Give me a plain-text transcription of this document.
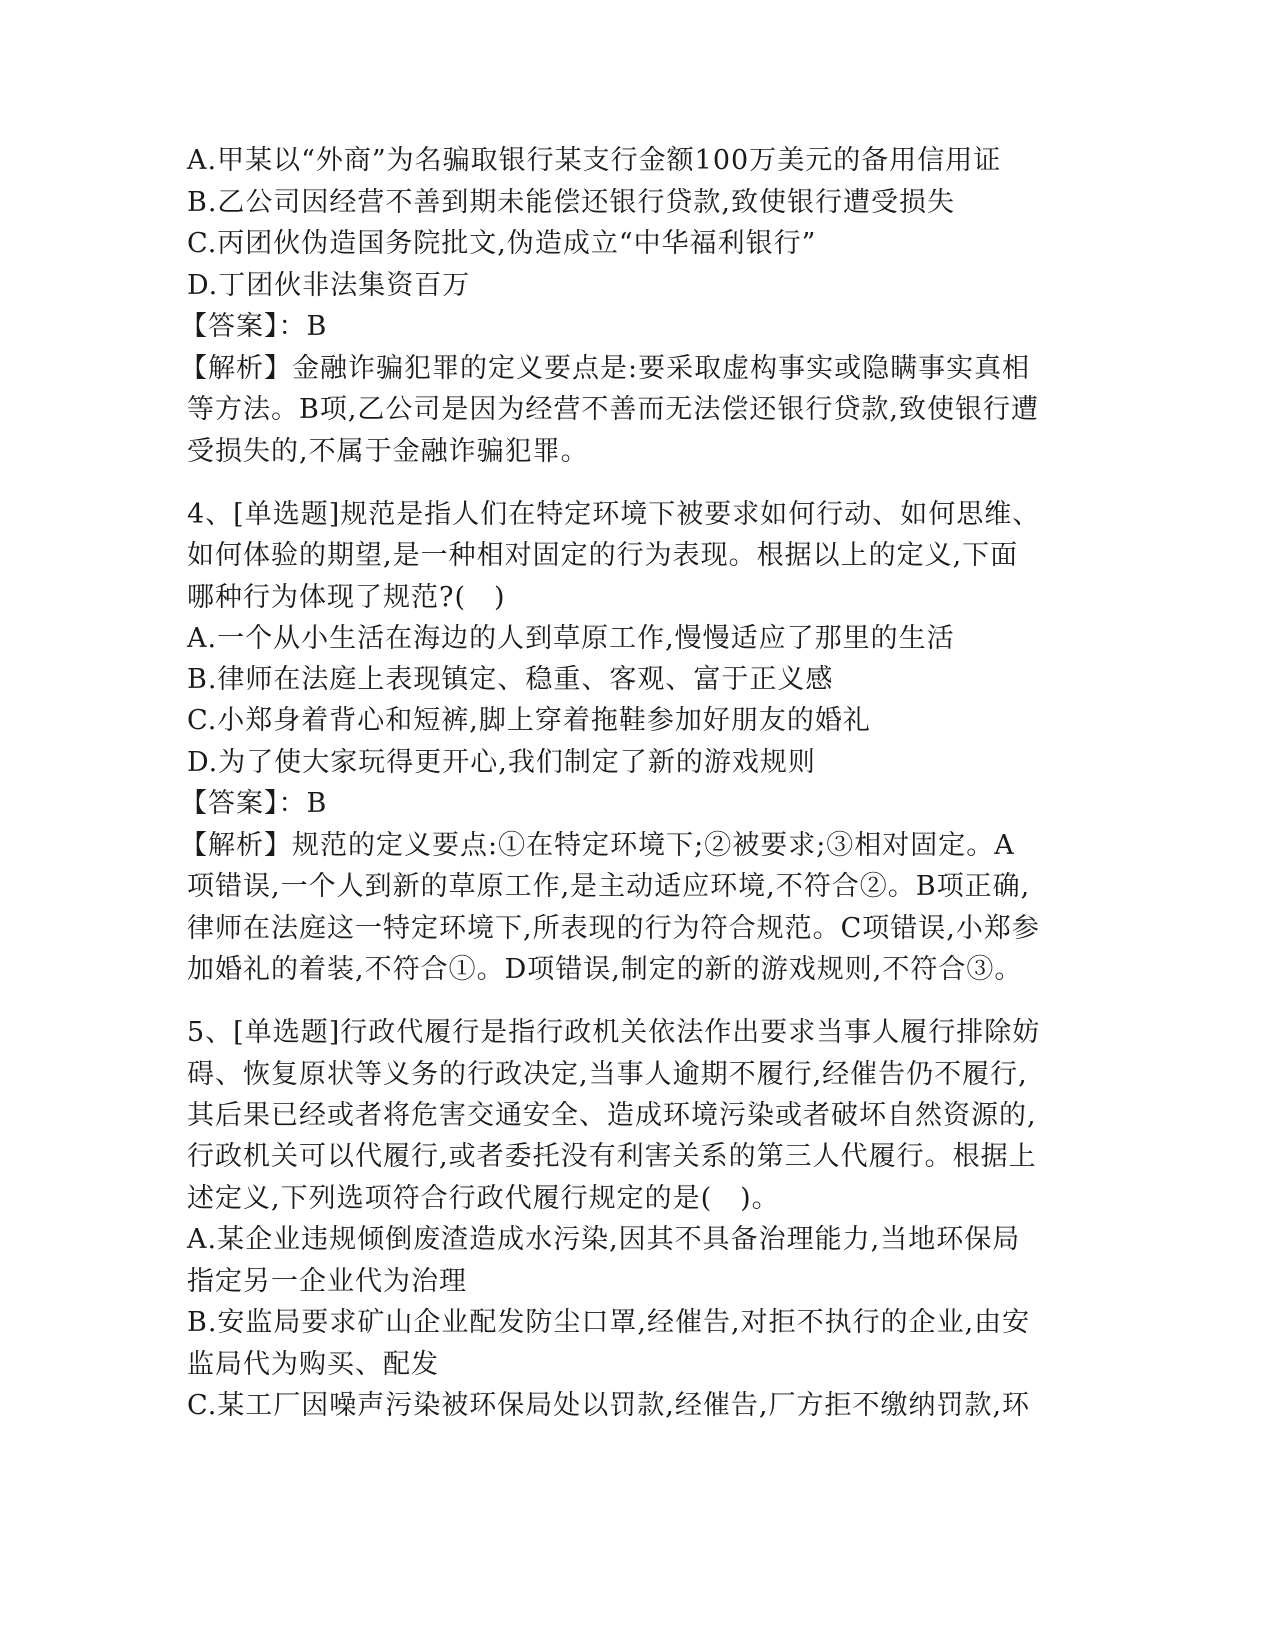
A.甲某以“外商”为名骗取银行某支行金额100万美元的备用信用证
B.乙公司因经营不善到期未能偿还银行贷款,致使银行遭受损失
C.丙团伙伪造国务院批文,伪造成立“中华福利银行”
D.丁团伙非法集资百万
【答案】：B
【解析】金融诈骗犯罪的定义要点是:要采取虚构事实或隐瞒事实真相
等方法。B项,乙公司是因为经营不善而无法偿还银行贷款,致使银行遭
受损失的,不属于金融诈骗犯罪。
4、[单选题]规范是指人们在特定环境下被要求如何行动、如何思维、
如何体验的期望,是一种相对固定的行为表现。根据以上的定义,下面
哪种行为体现了规范?(　)
A.一个从小生活在海边的人到草原工作,慢慢适应了那里的生活
B.律师在法庭上表现镇定、稳重、客观、富于正义感
C.小郑身着背心和短裤,脚上穿着拖鞋参加好朋友的婚礼
D.为了使大家玩得更开心,我们制定了新的游戏规则
【答案】：B
【解析】规范的定义要点:①在特定环境下;②被要求;③相对固定。A
项错误,一个人到新的草原工作,是主动适应环境,不符合②。B项正确,
律师在法庭这一特定环境下,所表现的行为符合规范。C项错误,小郑参
加婚礼的着装,不符合①。D项错误,制定的新的游戏规则,不符合③。
5、[单选题]行政代履行是指行政机关依法作出要求当事人履行排除妨
碍、恢复原状等义务的行政决定,当事人逾期不履行,经催告仍不履行,
其后果已经或者将危害交通安全、造成环境污染或者破坏自然资源的,
行政机关可以代履行,或者委托没有利害关系的第三人代履行。根据上
述定义,下列选项符合行政代履行规定的是(　)。
A.某企业违规倾倒废渣造成水污染,因其不具备治理能力,当地环保局
指定另一企业代为治理
B.安监局要求矿山企业配发防尘口罩,经催告,对拒不执行的企业,由安
监局代为购买、配发
C.某工厂因噪声污染被环保局处以罚款,经催告,厂方拒不缴纳罚款,环
